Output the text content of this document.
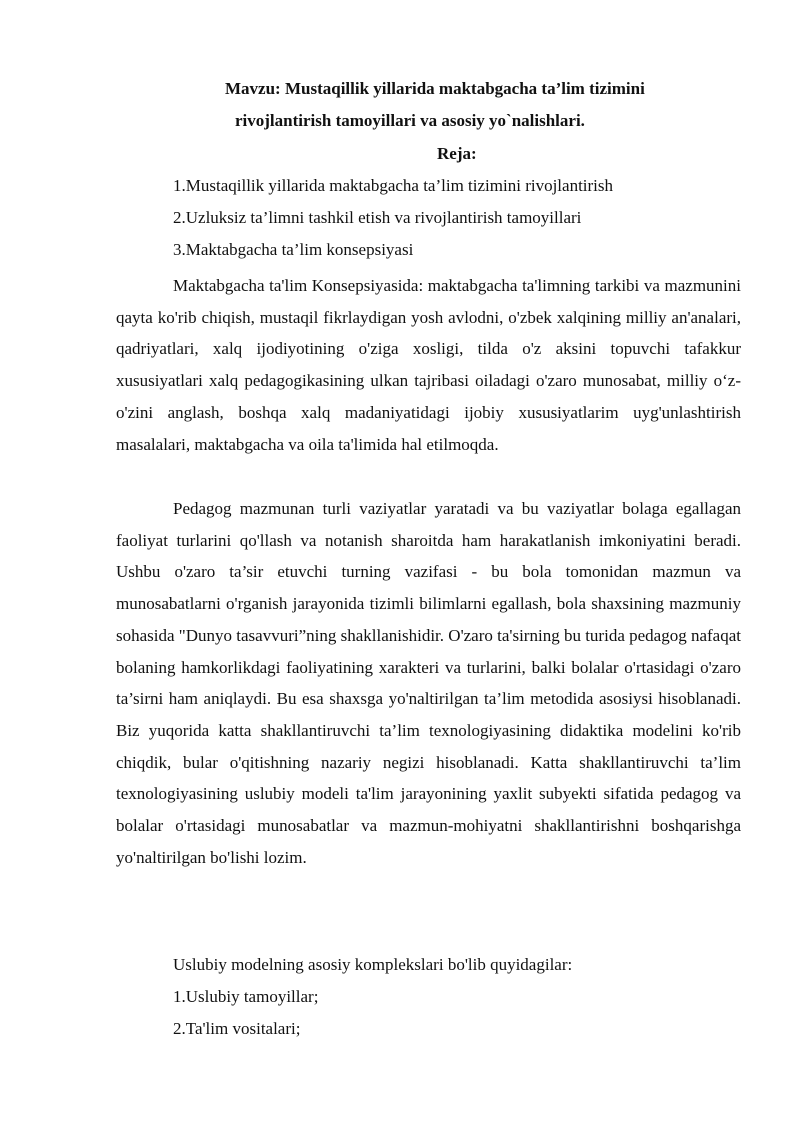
Mavzu: Mustaqillik yillarida maktabgacha ta’lim tizimini
rivojlantirish tamoyillari va asosiy yo`nalishlari.
Reja:
1.Mustaqillik yillarida maktabgacha ta’lim tizimini rivojlantirish
2.Uzluksiz ta’limni tashkil etish va rivojlantirish tamoyillari
3.Maktabgacha ta’lim konsepsiyasi

Maktabgacha ta'lim Konsepsiyasida: maktabgacha ta'limning tarkibi va mazmunini qayta ko'rib chiqish, mustaqil fikrlaydigan yosh avlodni, o'zbek xalqining milliy an'analari, qadriyatlari, xalq ijodiyotining o'ziga xosligi, tilda o'z aksini topuvchi tafakkur xususiyatlari xalq pedagogikasining ulkan tajribasi oiladagi o'zaro munosabat, milliy o‘z-o'zini anglash, boshqa xalq madaniyatidagi ijobiy xususiyatlarim uyg'unlashtirish masalalari, maktabgacha va oila ta'limida hal etilmoqda.

Pedagog mazmunan turli vaziyatlar yaratadi va bu vaziyatlar bolaga egallagan faoliyat turlarini qo'llash va notanish sharoitda ham harakatlanish imkoniyatini beradi. Ushbu o'zaro ta’sir etuvchi turning vazifasi - bu bola tomonidan mazmun va munosabatlarni o'rganish jarayonida tizimli bilimlarni egallash, bola shaxsining mazmuniy sohasida "Dunyo tasavvuri”ning shakllanishidir. O'zaro ta'sirning bu turida pedagog nafaqat bolaning hamkorlikdagi faoliyatining xarakteri va turlarini, balki bolalar o'rtasidagi o'zaro ta’sirni ham aniqlaydi. Bu esa shaxsga yo'naltirilgan ta’lim metodida asosiysi hisoblanadi. Biz yuqorida katta shakllantiruvchi ta’lim texnologiyasining didaktika modelini ko'rib chiqdik, bular o'qitishning nazariy negizi hisoblanadi. Katta shakllantiruvchi ta’lim texnologiyasining uslubiy modeli ta'lim jarayonining yaxlit subyekti sifatida pedagog va bolalar o'rtasidagi munosabatlar va mazmun-mohiyatni shakllantirishni boshqarishga yo'naltirilgan bo'lishi lozim.

Uslubiy modelning asosiy komplekslari bo'lib quyidagilar:
1.Uslubiy tamoyillar;
2.Ta'lim vositalari;
